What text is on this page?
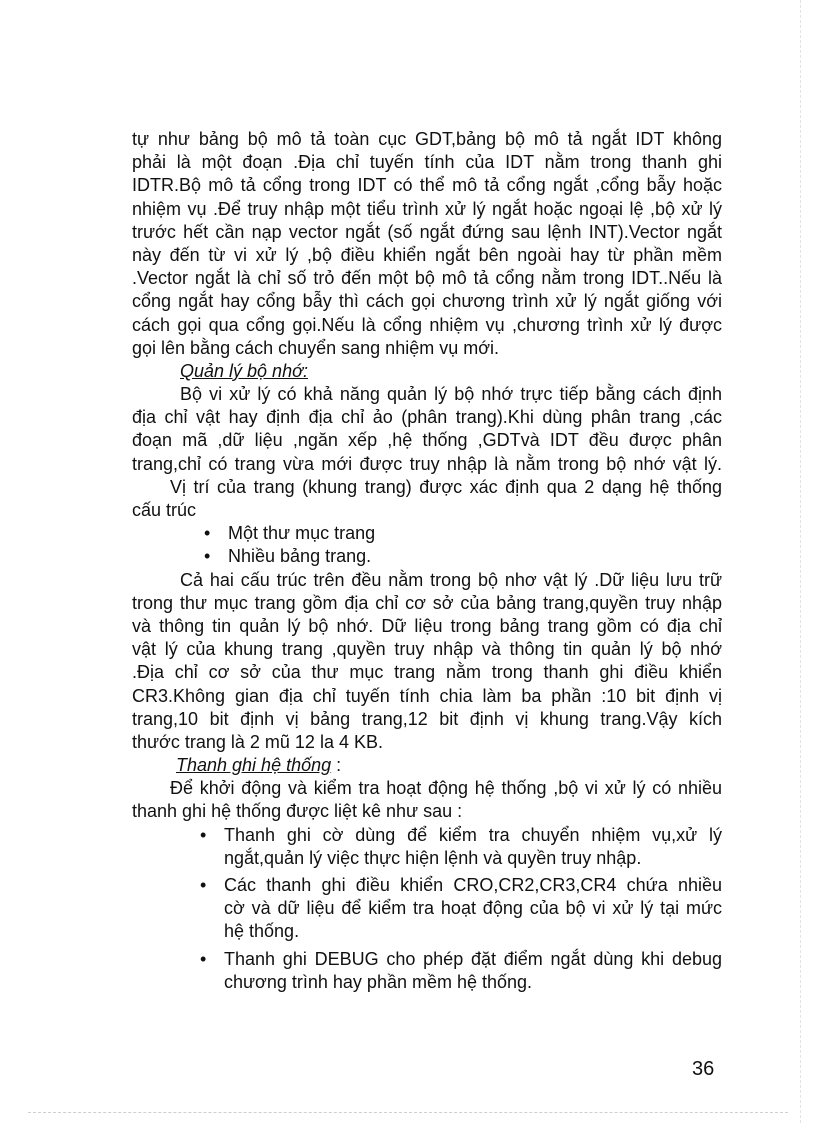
tự như bảng bộ mô tả toàn cục GDT,bảng bộ mô tả ngắt IDT không
phải là một đoạn .Địa chỉ tuyến tính của IDT nằm trong thanh ghi
IDTR.Bộ mô tả cổng trong IDT có thể mô tả cổng ngắt ,cổng bẫy hoặc
nhiệm vụ .Để truy nhập một tiểu trình xử lý ngắt hoặc ngoại lệ ,bộ xử lý
trước hết cần nạp vector ngắt (số ngắt đứng sau lệnh INT).Vector ngắt
này đến từ vi xử lý ,bộ điều khiển ngắt bên ngoài hay từ phần mềm
.Vector ngắt là chỉ số trỏ đến một bộ mô tả cổng nằm trong IDT..Nếu là
cổng ngắt hay cổng bẫy thì cách gọi chương trình xử lý ngắt giống với
cách gọi qua cổng gọi.Nếu là cổng nhiệm vụ ,chương trình xử lý được
gọi lên bằng cách chuyển sang nhiệm vụ mới.
Quản lý bộ nhớ:
Bộ vi xử lý có khả năng quản lý bộ nhớ trực tiếp bằng cách định
địa chỉ vật hay định địa chỉ ảo (phân trang).Khi dùng phân trang ,các
đoạn mã ,dữ liệu ,ngăn xếp ,hệ thống ,GDTvà IDT đều được phân
trang,chỉ có trang vừa mới được truy nhập là nằm trong bộ nhớ vật lý.
Vị trí của trang (khung trang) được xác định qua 2 dạng hệ thống
cấu trúc
• Một thư mục trang
• Nhiều bảng trang.
Cả hai cấu trúc trên đều nằm trong bộ nhơ vật lý .Dữ liệu lưu trữ
trong thư mục trang gồm địa chỉ cơ sở của bảng trang,quyền truy nhập
và thông tin quản lý bộ nhớ. Dữ liệu trong bảng trang gồm có địa chỉ
vật lý của khung trang ,quyền truy nhập và thông tin quản lý bộ nhớ
.Địa chỉ cơ sở của thư mục trang nằm trong thanh ghi điều khiển
CR3.Không gian địa chỉ tuyến tính chia làm ba phần :10 bit định vị
trang,10 bit định vị bảng trang,12 bit định vị khung trang.Vậy kích
thước trang là 2 mũ 12 la 4 KB.
Thanh ghi hệ thống :
Để khởi động và kiểm tra hoạt động hệ thống ,bộ vi xử lý có nhiều
thanh ghi hệ thống được liệt kê như sau :
• Thanh ghi cờ dùng để kiểm tra chuyển nhiệm vụ,xử lý
ngắt,quản lý việc thực hiện lệnh và quyền truy nhập.
• Các thanh ghi điều khiển CRO,CR2,CR3,CR4 chứa nhiều
cờ và dữ liệu để kiểm tra hoạt động của bộ vi xử lý tại mức
hệ thống.
• Thanh ghi DEBUG cho phép đặt điểm ngắt dùng khi debug
chương trình hay phần mềm hệ thống.
36
